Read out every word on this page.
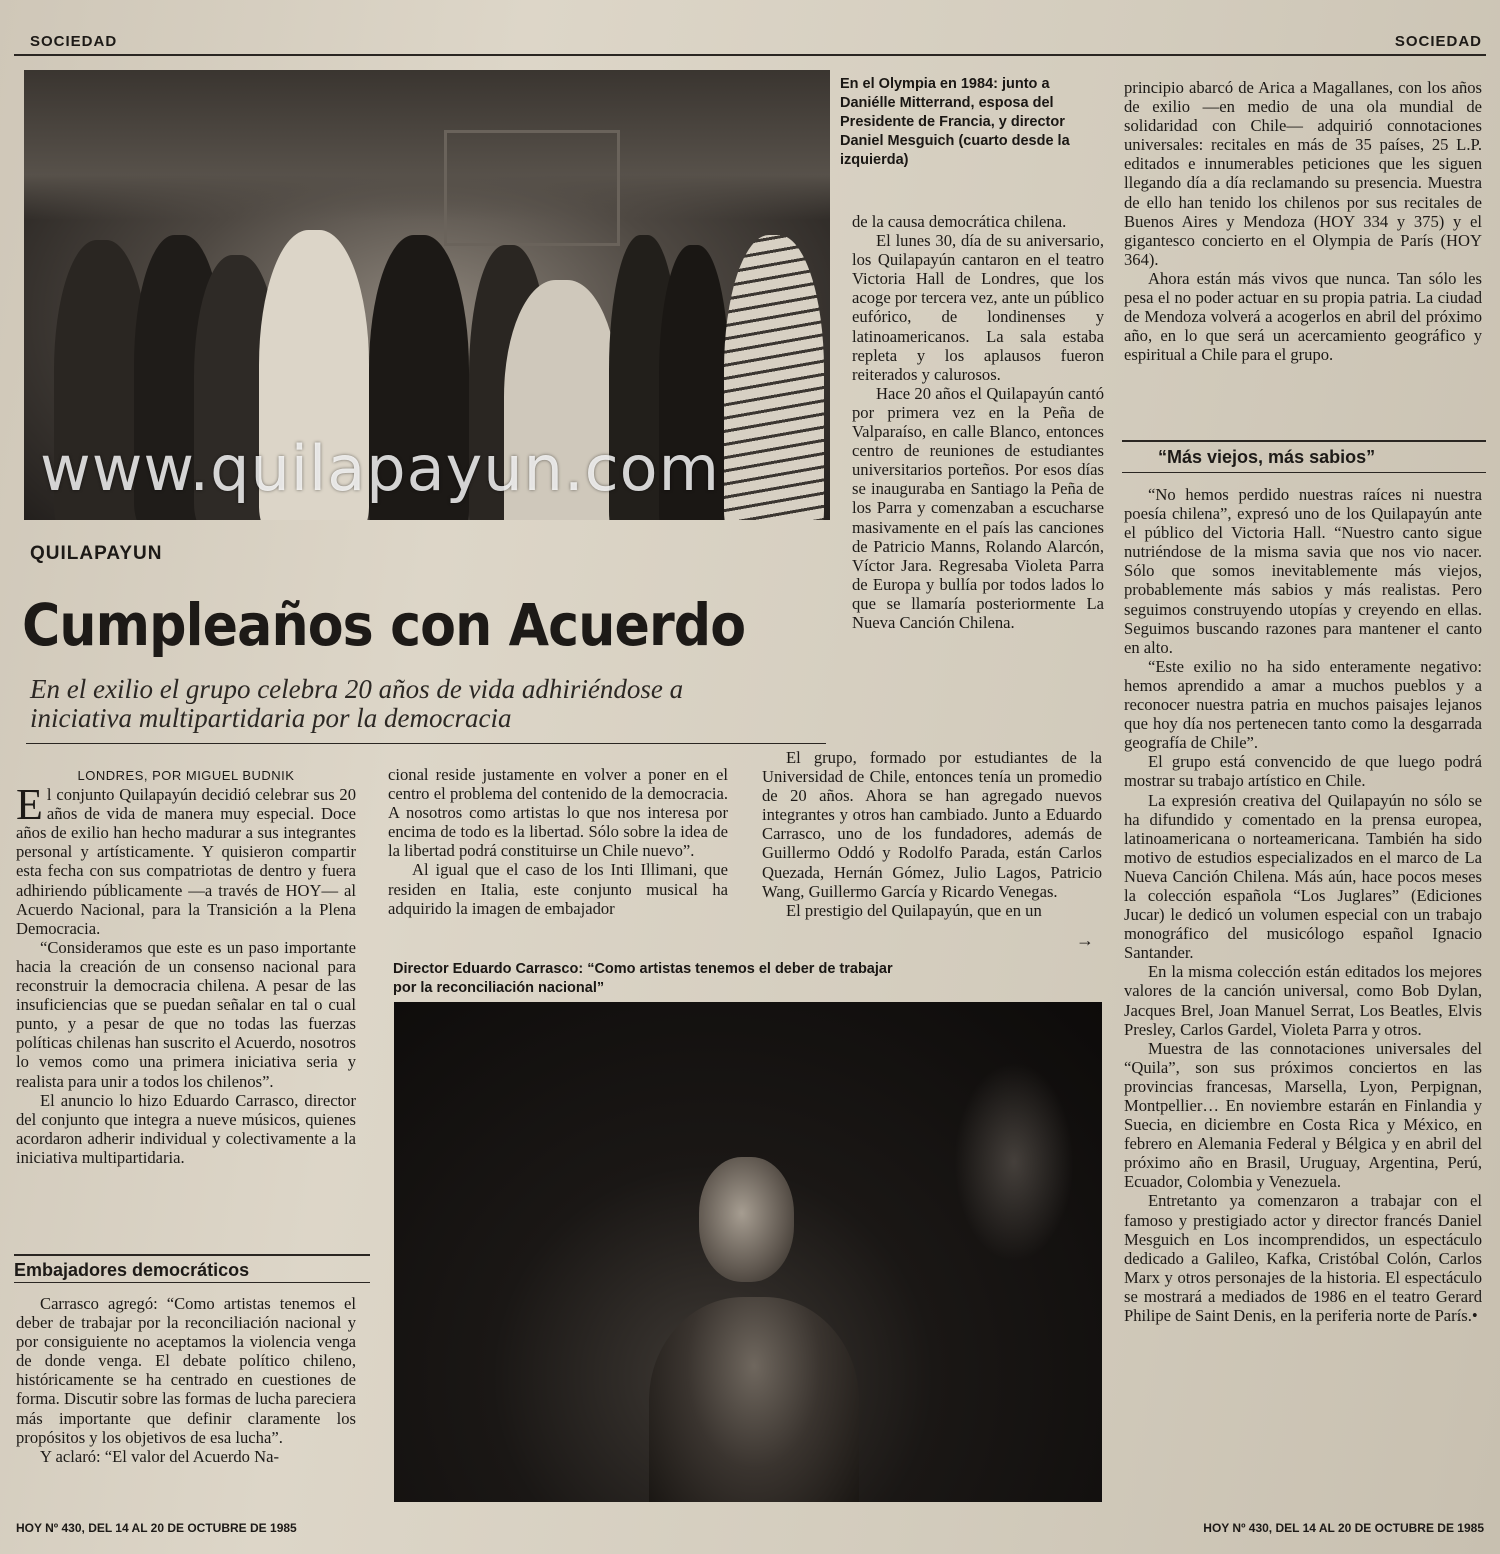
SOCIEDAD	SOCIEDAD
www.quilapayun.com
En el Olympia en 1984: junto a Daniélle Mitterrand, esposa del Presidente de Francia, y director Daniel Mesguich (cuarto desde la izquierda)
QUILAPAYUN
Cumpleaños con Acuerdo
En el exilio el grupo celebra 20 años de vida adhiriéndose a iniciativa multipartidaria por la democracia

LONDRES, POR MIGUEL BUDNIK

El conjunto Quilapayún decidió celebrar sus 20 años de vida de manera muy especial. Doce años de exilio han hecho madurar a sus integrantes personal y artísticamente. Y quisieron compartir esta fecha con sus compatriotas de dentro y fuera adhiriendo públicamente —a través de HOY— al Acuerdo Nacional, para la Transición a la Plena Democracia.

“Consideramos que este es un paso importante hacia la creación de un consenso nacional para reconstruir la democracia chilena. A pesar de las insuficiencias que se puedan señalar en tal o cual punto, y a pesar de que no todas las fuerzas políticas chilenas han suscrito el Acuerdo, nosotros lo vemos como una primera iniciativa seria y realista para unir a todos los chilenos”.

El anuncio lo hizo Eduardo Carrasco, director del conjunto que integra a nueve músicos, quienes acordaron adherir individual y colectivamente a la iniciativa multipartidaria.

Embajadores democráticos

Carrasco agregó: “Como artistas tenemos el deber de trabajar por la reconciliación nacional y por consiguiente no aceptamos la violencia venga de donde venga. El debate político chileno, históricamente se ha centrado en cuestiones de forma. Discutir sobre las formas de lucha pareciera más importante que definir claramente los propósitos y los objetivos de esa lucha”.

Y aclaró: “El valor del Acuerdo Na-

cional reside justamente en volver a poner en el centro el problema del contenido de la democracia. A nosotros como artistas lo que nos interesa por encima de todo es la libertad. Sólo sobre la idea de la libertad podrá constituirse un Chile nuevo”.

Al igual que el caso de los Inti Illimani, que residen en Italia, este conjunto musical ha adquirido la imagen de embajador

de la causa democrática chilena.

El lunes 30, día de su aniversario, los Quilapayún cantaron en el teatro Victoria Hall de Londres, que los acoge por tercera vez, ante un público eufórico, de londinenses y latinoamericanos. La sala estaba repleta y los aplausos fueron reiterados y calurosos.

Hace 20 años el Quilapayún cantó por primera vez en la Peña de Valparaíso, en calle Blanco, entonces centro de reuniones de estudiantes universitarios porteños. Por esos días se inauguraba en Santiago la Peña de los Parra y comenzaban a escucharse masivamente en el país las canciones de Patricio Manns, Rolando Alarcón, Víctor Jara. Regresaba Violeta Parra de Europa y bullía por todos lados lo que se llamaría posteriormente La Nueva Canción Chilena.

El grupo, formado por estudiantes de la Universidad de Chile, entonces tenía un promedio de 20 años. Ahora se han agregado nuevos integrantes y otros han cambiado. Junto a Eduardo Carrasco, uno de los fundadores, además de Guillermo Oddó y Rodolfo Parada, están Carlos Quezada, Hernán Gómez, Julio Lagos, Patricio Wang, Guillermo García y Ricardo Venegas.

El prestigio del Quilapayún, que en un

→
Director Eduardo Carrasco: “Como artistas tenemos el deber de trabajar por la reconciliación nacional”

principio abarcó de Arica a Magallanes, con los años de exilio —en medio de una ola mundial de solidaridad con Chile— adquirió connotaciones universales: recitales en más de 35 países, 25 L.P. editados e innumerables peticiones que les siguen llegando día a día reclamando su presencia. Muestra de ello han tenido los chilenos por sus recitales de Buenos Aires y Mendoza (HOY 334 y 375) y el gigantesco concierto en el Olympia de París (HOY 364).

Ahora están más vivos que nunca. Tan sólo les pesa el no poder actuar en su propia patria. La ciudad de Mendoza volverá a acogerlos en abril del próximo año, en lo que será un acercamiento geográfico y espiritual a Chile para el grupo.

“Más viejos, más sabios”

“No hemos perdido nuestras raíces ni nuestra poesía chilena”, expresó uno de los Quilapayún ante el público del Victoria Hall. “Nuestro canto sigue nutriéndose de la misma savia que nos vio nacer. Sólo que somos inevitablemente más viejos, probablemente más sabios y más realistas. Pero seguimos construyendo utopías y creyendo en ellas. Seguimos buscando razones para mantener el canto en alto.

“Este exilio no ha sido enteramente negativo: hemos aprendido a amar a muchos pueblos y a reconocer nuestra patria en muchos paisajes lejanos que hoy día nos pertenecen tanto como la desgarrada geografía de Chile”.

El grupo está convencido de que luego podrá mostrar su trabajo artístico en Chile.

La expresión creativa del Quilapayún no sólo se ha difundido y comentado en la prensa europea, latinoamericana o norteamericana. También ha sido motivo de estudios especializados en el marco de La Nueva Canción Chilena. Más aún, hace pocos meses la colección española “Los Juglares” (Ediciones Jucar) le dedicó un volumen especial con un trabajo monográfico del musicólogo español Ignacio Santander.

En la misma colección están editados los mejores valores de la canción universal, como Bob Dylan, Jacques Brel, Joan Manuel Serrat, Los Beatles, Elvis Presley, Carlos Gardel, Violeta Parra y otros.

Muestra de las connotaciones universales del “Quila”, son sus próximos conciertos en las provincias francesas, Marsella, Lyon, Perpignan, Montpellier… En noviembre estarán en Finlandia y Suecia, en diciembre en Costa Rica y México, en febrero en Alemania Federal y Bélgica y en abril del próximo año en Brasil, Uruguay, Argentina, Perú, Ecuador, Colombia y Venezuela.

Entretanto ya comenzaron a trabajar con el famoso y prestigiado actor y director francés Daniel Mesguich en Los incomprendidos, un espectáculo dedicado a Galileo, Kafka, Cristóbal Colón, Carlos Marx y otros personajes de la historia. El espectáculo se mostrará a mediados de 1986 en el teatro Gerard Philipe de Saint Denis, en la periferia norte de París.•

HOY Nº 430, DEL 14 AL 20 DE OCTUBRE DE 1985	HOY Nº 430, DEL 14 AL 20 DE OCTUBRE DE 1985
